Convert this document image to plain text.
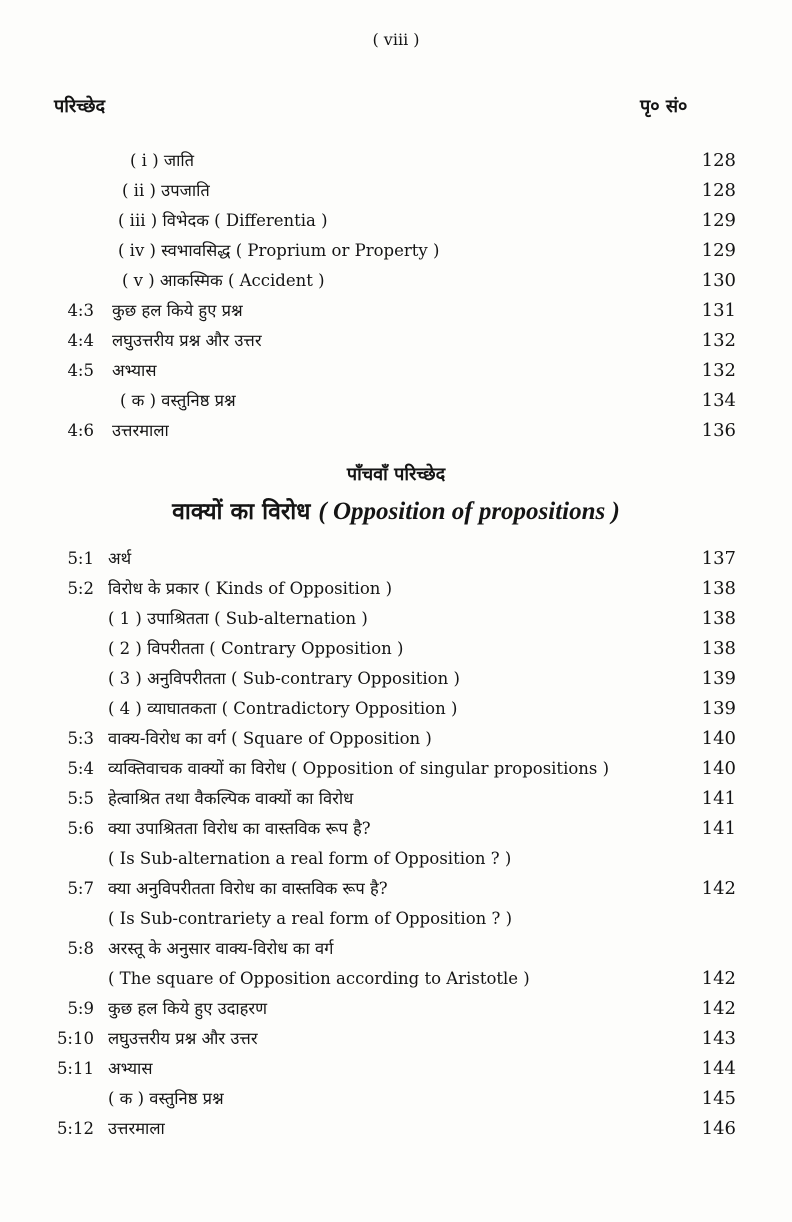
( viii )
परिच्छेद	पृ० सं०
( i ) जाति	128
( ii ) उपजाति	128
( iii ) विभेदक ( Differentia )	129
( iv ) स्वभावसिद्ध ( Proprium or Property )	129
( v ) आकस्मिक ( Accident )	130
4:3 कुछ हल किये हुए प्रश्न	131
4:4 लघुउत्तरीय प्रश्न और उत्तर	132
4:5 अभ्यास	132
( क ) वस्तुनिष्ठ प्रश्न	134
4:6 उत्तरमाला	136
पाँचवाँ परिच्छेद
वाक्यों का विरोध ( Opposition of propositions )
5:1 अर्थ	137
5:2 विरोध के प्रकार ( Kinds of Opposition )	138
( 1 ) उपाश्रितता ( Sub-alternation )	138
( 2 ) विपरीतता ( Contrary Opposition )	138
( 3 ) अनुविपरीतता ( Sub-contrary Opposition )	139
( 4 ) व्याघातकता ( Contradictory Opposition )	139
5:3 वाक्य-विरोध का वर्ग ( Square of Opposition )	140
5:4 व्यक्तिवाचक वाक्यों का विरोध ( Opposition of singular propositions )	140
5:5 हेत्वाश्रित तथा वैकल्पिक वाक्यों का विरोध	141
5:6 क्या उपाश्रितता विरोध का वास्तविक रूप है?	141
( Is Sub-alternation a real form of Opposition ? )
5:7 क्या अनुविपरीतता विरोध का वास्तविक रूप है?	142
( Is Sub-contrariety a real form of Opposition ? )
5:8 अरस्तू के अनुसार वाक्य-विरोध का वर्ग
( The square of Opposition according to Aristotle )	142
5:9 कुछ हल किये हुए उदाहरण	142
5:10 लघुउत्तरीय प्रश्न और उत्तर	143
5:11 अभ्यास	144
( क ) वस्तुनिष्ठ प्रश्न	145
5:12 उत्तरमाला	146
